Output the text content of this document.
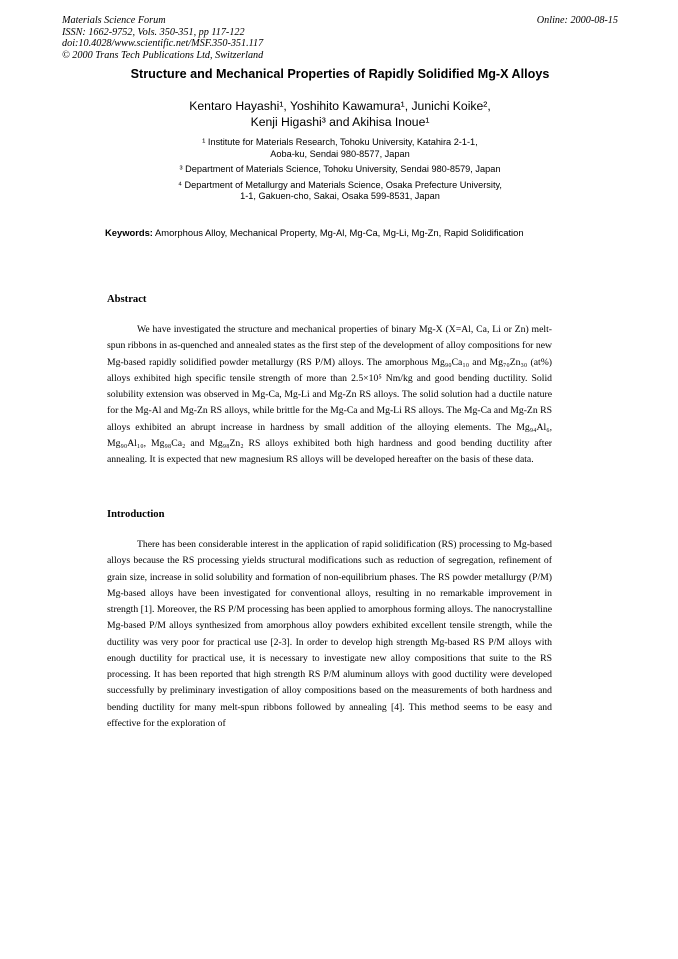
Materials Science Forum
ISSN: 1662-9752, Vols. 350-351, pp 117-122
doi:10.4028/www.scientific.net/MSF.350-351.117
© 2000 Trans Tech Publications Ltd, Switzerland
Online: 2000-08-15
Structure and Mechanical Properties of Rapidly Solidified Mg-X Alloys
Kentaro Hayashi¹, Yoshihito Kawamura¹, Junichi Koike²,
Kenji Higashi³ and Akihisa Inoue¹
¹ Institute for Materials Research, Tohoku University, Katahira 2-1-1,
Aoba-ku, Sendai 980-8577, Japan
³ Department of Materials Science, Tohoku University, Sendai 980-8579, Japan
⁴ Department of Metallurgy and Materials Science, Osaka Prefecture University,
1-1, Gakuen-cho, Sakai, Osaka 599-8531, Japan
Keywords: Amorphous Alloy, Mechanical Property, Mg-Al, Mg-Ca, Mg-Li, Mg-Zn, Rapid Solidification
Abstract

We have investigated the structure and mechanical properties of binary Mg-X (X=Al, Ca, Li or Zn) melt-spun ribbons in as-quenched and annealed states as the first step of the development of alloy compositions for new Mg-based rapidly solidified powder metallurgy (RS P/M) alloys. The amorphous Mg₉₀Ca₁₀ and Mg₇₀Zn₃₀ (at%) alloys exhibited high specific tensile strength of more than 2.5×10⁵ Nm/kg and good bending ductility. Solid solubility extension was observed in Mg-Ca, Mg-Li and Mg-Zn RS alloys. The solid solution had a ductile nature for the Mg-Al and Mg-Zn RS alloys, while brittle for the Mg-Ca and Mg-Li RS alloys. The Mg-Ca and Mg-Zn RS alloys exhibited an abrupt increase in hardness by small addition of the alloying elements. The Mg₉₄Al₆, Mg₉₀Al₁₀, Mg₉₈Ca₂ and Mg₉₈Zn₂ RS alloys exhibited both high hardness and good bending ductility after annealing. It is expected that new magnesium RS alloys will be developed hereafter on the basis of these data.

Introduction

There has been considerable interest in the application of rapid solidification (RS) processing to Mg-based alloys because the RS processing yields structural modifications such as reduction of segregation, refinement of grain size, increase in solid solubility and formation of non-equilibrium phases. The RS powder metallurgy (P/M) Mg-based alloys have been investigated for conventional alloys, resulting in no remarkable improvement in strength [1]. Moreover, the RS P/M processing has been applied to amorphous forming alloys. The nanocrystalline Mg-based P/M alloys synthesized from amorphous alloy powders exhibited excellent tensile strength, while the ductility was very poor for practical use [2-3]. In order to develop high strength Mg-based RS P/M alloys with enough ductility for practical use, it is necessary to investigate new alloy compositions that suite to the RS processing. It has been reported that high strength RS P/M aluminum alloys with good ductility were developed successfully by preliminary investigation of alloy compositions based on the measurements of both hardness and bending ductility for many melt-spun ribbons followed by annealing [4]. This method seems to be easy and effective for the exploration of
